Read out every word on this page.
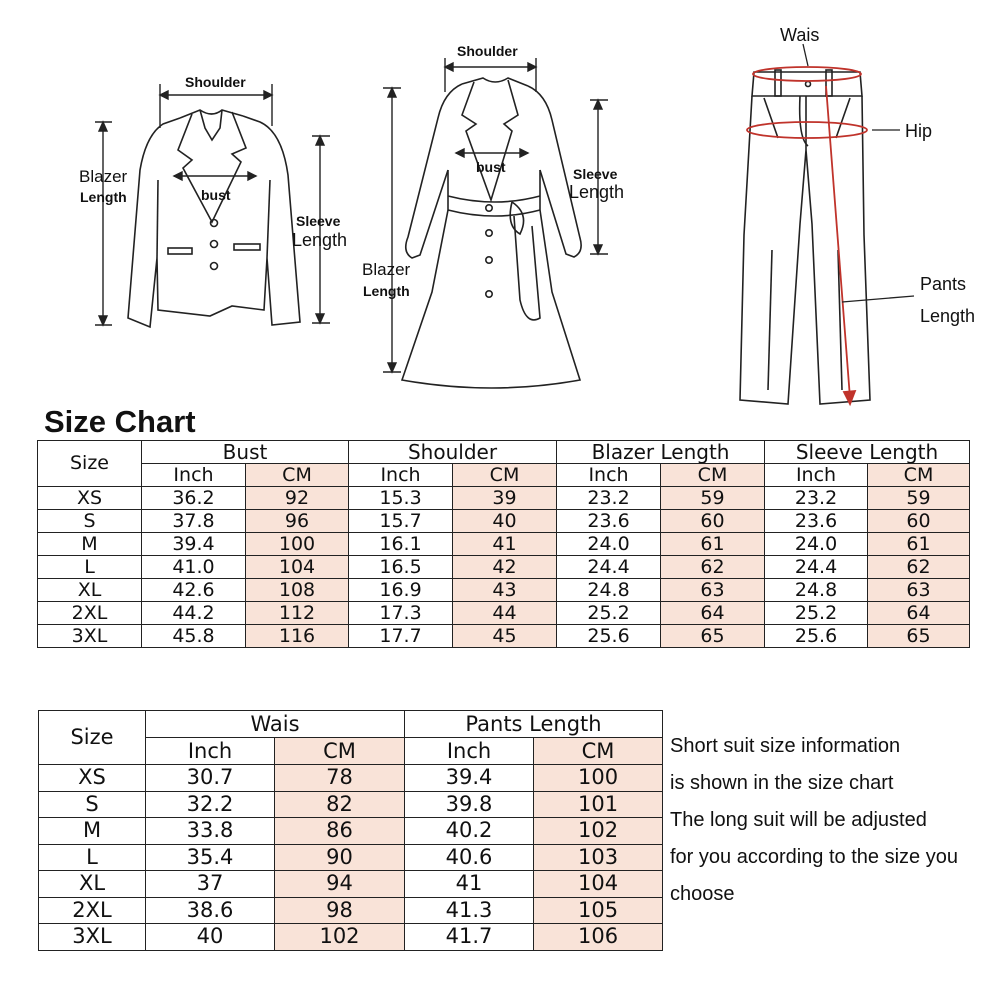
Shoulder
Blazer
Length	bust
Sleeve
Length
Shoulder
bust	Sleeve
Length
Blazer
Length
Wais
Hip
Pants
Length
Size Chart
Size	Bust		Shoulder		Blazer Length		Sleeve Length	
	Inch	CM	Inch	CM	Inch	CM	Inch	CM
XS	36.2	92	15.3	39	23.2	59	23.2	59
S	37.8	96	15.7	40	23.6	60	23.6	60
M	39.4	100	16.1	41	24.0	61	24.0	61
L	41.0	104	16.5	42	24.4	62	24.4	62
XL	42.6	108	16.9	43	24.8	63	24.8	63
2XL	44.2	112	17.3	44	25.2	64	25.2	64
3XL	45.8	116	17.7	45	25.6	65	25.6	65
Size	Wais		Pants Length	
	Inch	CM	Inch	CM
XS	30.7	78	39.4	100
S	32.2	82	39.8	101
M	33.8	86	40.2	102
L	35.4	90	40.6	103
XL	37	94	41	104
2XL	38.6	98	41.3	105
3XL	40	102	41.7	106
Short suit size information
is shown in the size chart
The long suit will be adjusted
for you according to the size you
choose
